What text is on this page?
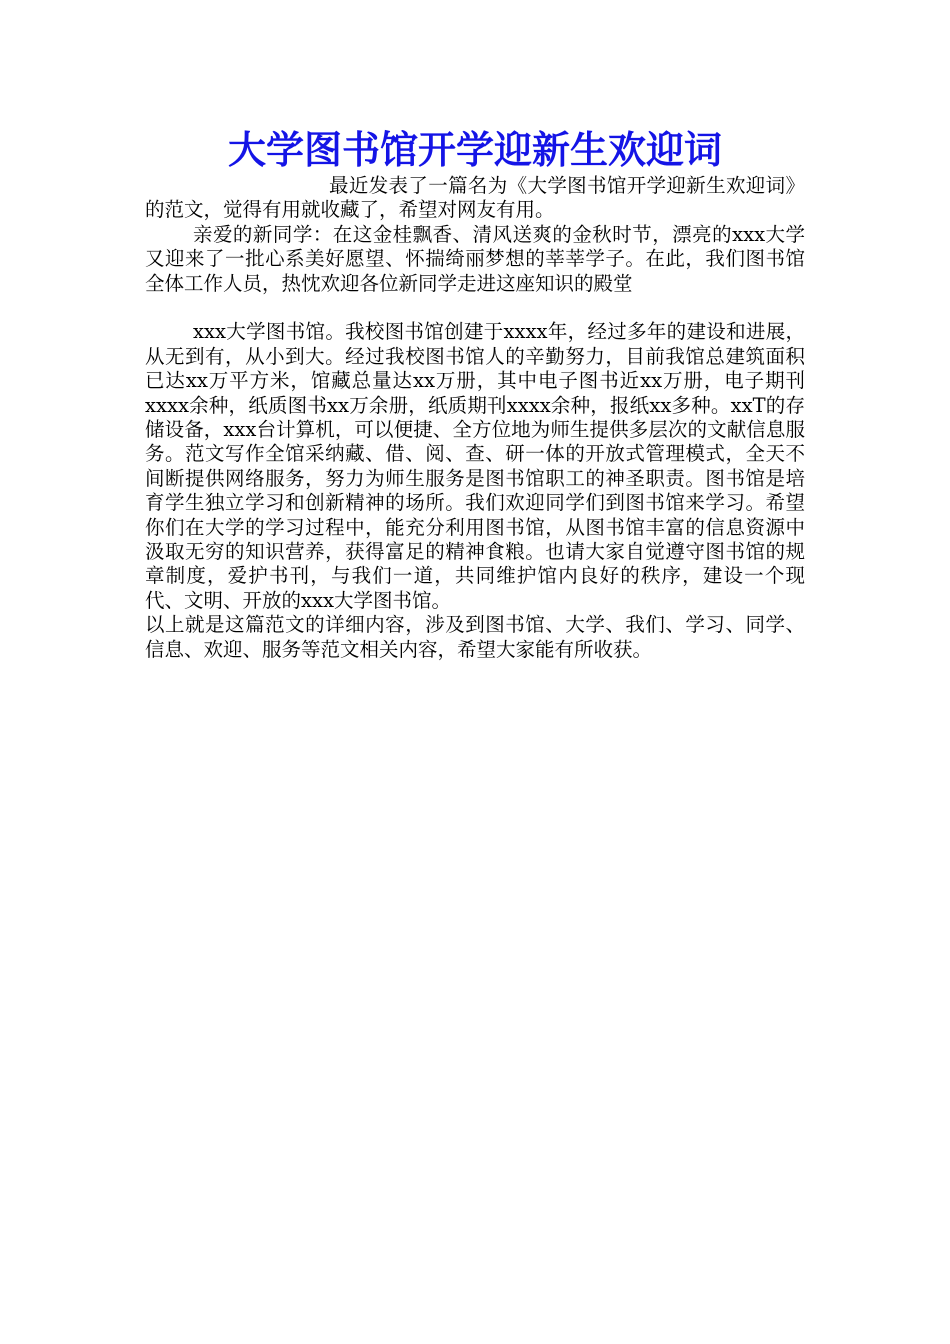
大学图书馆开学迎新生欢迎词

最近发表了一篇名为《大学图书馆开学迎新生欢迎词》的范文，觉得有用就收藏了，希望对网友有用。

亲爱的新同学：在这金桂飘香、清风送爽的金秋时节，漂亮的xxx大学又迎来了一批心系美好愿望、怀揣绮丽梦想的莘莘学子。在此，我们图书馆全体工作人员，热忱欢迎各位新同学走进这座知识的殿堂

xxx大学图书馆。我校图书馆创建于xxxx年，经过多年的建设和进展，从无到有，从小到大。经过我校图书馆人的辛勤努力，目前我馆总建筑面积已达xx万平方米，馆藏总量达xx万册，其中电子图书近xx万册，电子期刊xxxx余种，纸质图书xx万余册，纸质期刊xxxx余种，报纸xx多种。xxT的存储设备，xxx台计算机，可以便捷、全方位地为师生提供多层次的文献信息服务。范文写作全馆采纳藏、借、阅、查、研一体的开放式管理模式，全天不间断提供网络服务，努力为师生服务是图书馆职工的神圣职责。图书馆是培育学生独立学习和创新精神的场所。我们欢迎同学们到图书馆来学习。希望你们在大学的学习过程中，能充分利用图书馆，从图书馆丰富的信息资源中汲取无穷的知识营养，获得富足的精神食粮。也请大家自觉遵守图书馆的规章制度，爱护书刊，与我们一道，共同维护馆内良好的秩序，建设一个现代、文明、开放的xxx大学图书馆。

以上就是这篇范文的详细内容，涉及到图书馆、大学、我们、学习、同学、信息、欢迎、服务等范文相关内容，希望大家能有所收获。
